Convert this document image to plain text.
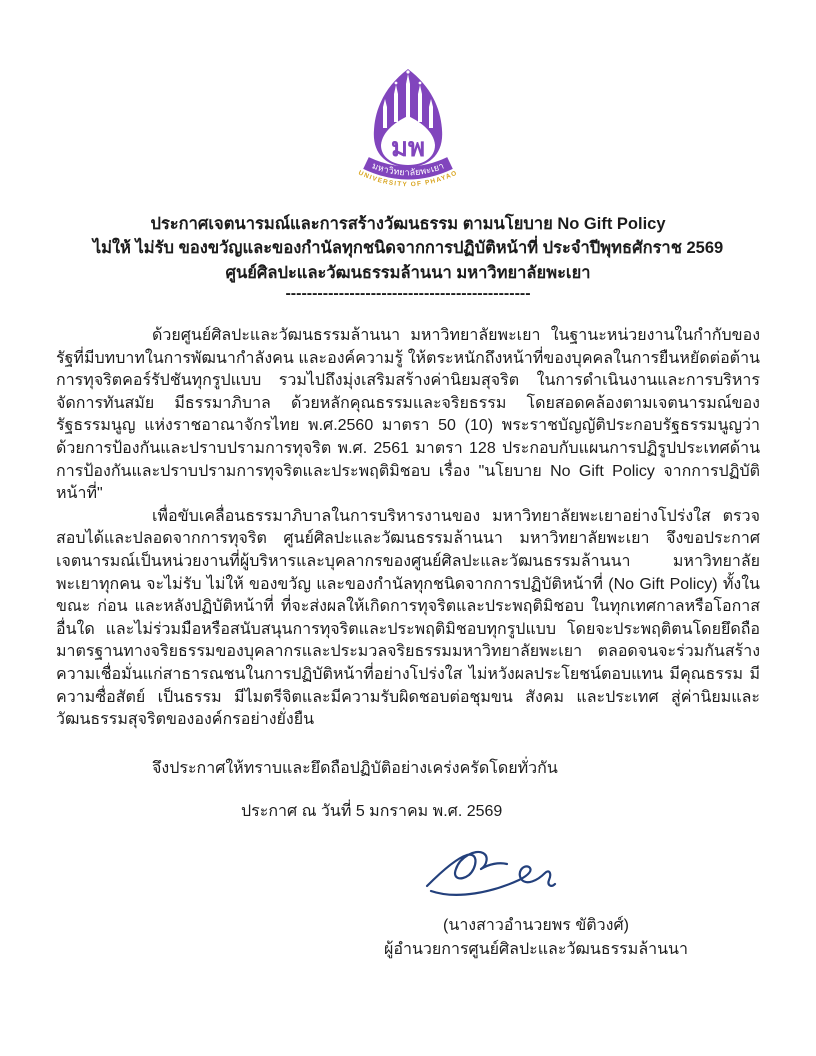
มพ
มหาวิทยาลัยพะเยา
UNIVERSITY OF PHAYAO
ประกาศเจตนารมณ์และการสร้างวัฒนธรรม ตามนโยบาย No Gift Policy
ไม่ให้ ไม่รับ ของขวัญและของกำนัลทุกชนิดจากการปฏิบัติหน้าที่ ประจำปีพุทธศักราช 2569
ศูนย์ศิลปะและวัฒนธรรมล้านนา มหาวิทยาลัยพะเยา
----------------------------------------------

ด้วยศูนย์ศิลปะและวัฒนธรรมล้านนา มหาวิทยาลัยพะเยา ในฐานะหน่วยงานในกำกับของรัฐที่มีบทบาทในการพัฒนากำลังคน และองค์ความรู้ ให้ตระหนักถึงหน้าที่ของบุคคลในการยืนหยัดต่อต้านการทุจริตคอร์รัปชันทุกรูปแบบ รวมไปถึงมุ่งเสริมสร้างค่านิยมสุจริต ในการดำเนินงานและการบริหารจัดการทันสมัย มีธรรมาภิบาล ด้วยหลักคุณธรรมและจริยธรรม โดยสอดคล้องตามเจตนารมณ์ของรัฐธรรมนูญ แห่งราชอาณาจักรไทย พ.ศ.2560 มาตรา 50 (10) พระราชบัญญัติประกอบรัฐธรรมนูญว่าด้วยการป้องกันและปราบปรามการทุจริต พ.ศ. 2561 มาตรา 128 ประกอบกับแผนการปฏิรูปประเทศด้านการป้องกันและปราบปรามการทุจริตและประพฤติมิชอบ เรื่อง "นโยบาย No Gift Policy จากการปฏิบัติหน้าที่"

เพื่อขับเคลื่อนธรรมาภิบาลในการบริหารงานของ มหาวิทยาลัยพะเยาอย่างโปร่งใส ตรวจสอบได้และปลอดจากการทุจริต ศูนย์ศิลปะและวัฒนธรรมล้านนา มหาวิทยาลัยพะเยา จึงขอประกาศเจตนารมณ์เป็นหน่วยงานที่ผู้บริหารและบุคลากรของศูนย์ศิลปะและวัฒนธรรมล้านนา มหาวิทยาลัยพะเยาทุกคน จะไม่รับ ไม่ให้ ของขวัญ และของกำนัลทุกชนิดจากการปฏิบัติหน้าที่ (No Gift Policy) ทั้งในขณะ ก่อน และหลังปฏิบัติหน้าที่ ที่จะส่งผลให้เกิดการทุจริตและประพฤติมิชอบ ในทุกเทศกาลหรือโอกาสอื่นใด และไม่ร่วมมือหรือสนับสนุนการทุจริตและประพฤติมิชอบทุกรูปแบบ โดยจะประพฤติตนโดยยึดถือมาตรฐานทางจริยธรรมของบุคลากรและประมวลจริยธรรมมหาวิทยาลัยพะเยา ตลอดจนจะร่วมกันสร้างความเชื่อมั่นแก่สาธารณชนในการปฏิบัติหน้าที่อย่างโปร่งใส ไม่หวังผลประโยชน์ตอบแทน มีคุณธรรม มีความซื่อสัตย์ เป็นธรรม มีไมตรีจิตและมีความรับผิดชอบต่อชุมขน สังคม และประเทศ สู่ค่านิยมและวัฒนธรรมสุจริตขององค์กรอย่างยั่งยืน

จึงประกาศให้ทราบและยึดถือปฏิบัติอย่างเคร่งครัดโดยทั่วกัน
ประกาศ ณ วันที่ 5 มกราคม พ.ศ. 2569

(นางสาวอำนวยพร ขัติวงศ์)

ผู้อำนวยการศูนย์ศิลปะและวัฒนธรรมล้านนา
